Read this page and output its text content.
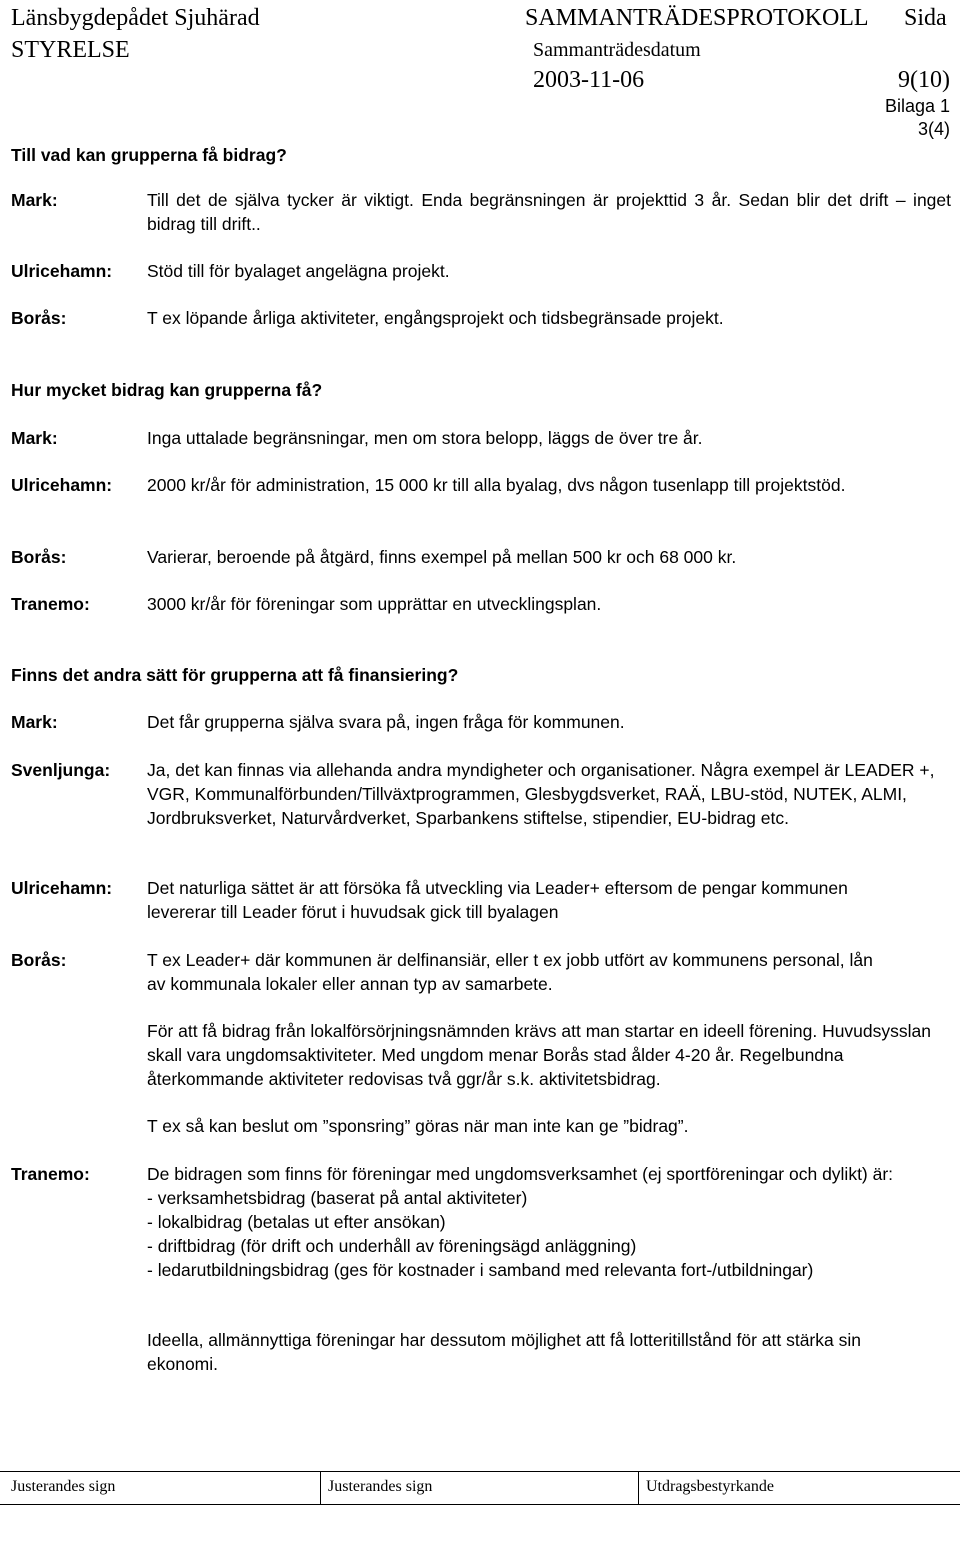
Länsbygdерådet Sjuhärad
STYRELSE
SAMMANTRÄDESPROTOKOLL Sida
Sammanträdesdatum
2003-11-06	9(10)
Bilaga 1
3(4)
Till vad kan grupperna få bidrag?
Mark:	Till det de själva tycker är viktigt. Enda begränsningen är projekttid 3 år. Sedan blir det drift – inget bidrag till drift..
Ulricehamn: Stöd till för byalaget angelägna projekt.
Borås:	T ex löpande årliga aktiviteter, engångsprojekt och tidsbegränsade projekt.
Hur mycket bidrag kan grupperna få?
Mark:	Inga uttalade begränsningar, men om stora belopp, läggs de över tre år.
Ulricehamn: 2000 kr/år för administration, 15 000 kr till alla byalag, dvs någon tusenlapp till projektstöd.
Borås:	Varierar, beroende på åtgärd, finns exempel på mellan 500 kr och 68 000 kr.
Tranemo:	3000 kr/år för föreningar som upprättar en utvecklingsplan.
Finns det andra sätt för grupperna att få finansiering?
Mark:	Det får grupperna själva svara på, ingen fråga för kommunen.
Svenljunga: Ja, det kan finnas via allehanda andra myndigheter och organisationer. Några exempel är LEADER +, VGR, Kommunalförbunden/Tillväxtprogrammen, Glesbygdsverket, RAÄ, LBU-stöd, NUTEK, ALMI, Jordbruksverket, Naturvårdverket, Sparbankens stiftelse, stipendier, EU-bidrag etc.
Ulricehamn: Det naturliga sättet är att försöka få utveckling via Leader+ eftersom de pengar kommunen levererar till Leader förut i huvudsak gick till byalagen
Borås:	T ex Leader+ där kommunen är delfinansiär, eller t ex jobb utfört av kommunens personal, lån av kommunala lokaler eller annan typ av samarbete.
För att få bidrag från lokalförsörjningsnämnden krävs att man startar en ideell förening. Huvudsysslan skall vara ungdomsaktiviteter. Med ungdom menar Borås stad ålder 4-20 år. Regelbundna återkommande aktiviteter redovisas två ggr/år s.k. aktivitetsbidrag.
T ex så kan beslut om ”sponsring” göras när man inte kan ge ”bidrag”.
Tranemo:	De bidragen som finns för föreningar med ungdomsverksamhet (ej sportföreningar och dylikt) är:

- verksamhetsbidrag (baserat på antal aktiviteter)

- lokalbidrag (betalas ut efter ansökan)

- driftbidrag (för drift och underhåll av föreningsägd anläggning)

- ledarutbildningsbidrag (ges för kostnader i samband med relevanta fort-/utbildningar)

Ideella, allmännyttiga föreningar har dessutom möjlighet att få lotteritillstånd för att stärka sin ekonomi.
Justerandes sign	Justerandes sign	Utdragsbestyrkande
